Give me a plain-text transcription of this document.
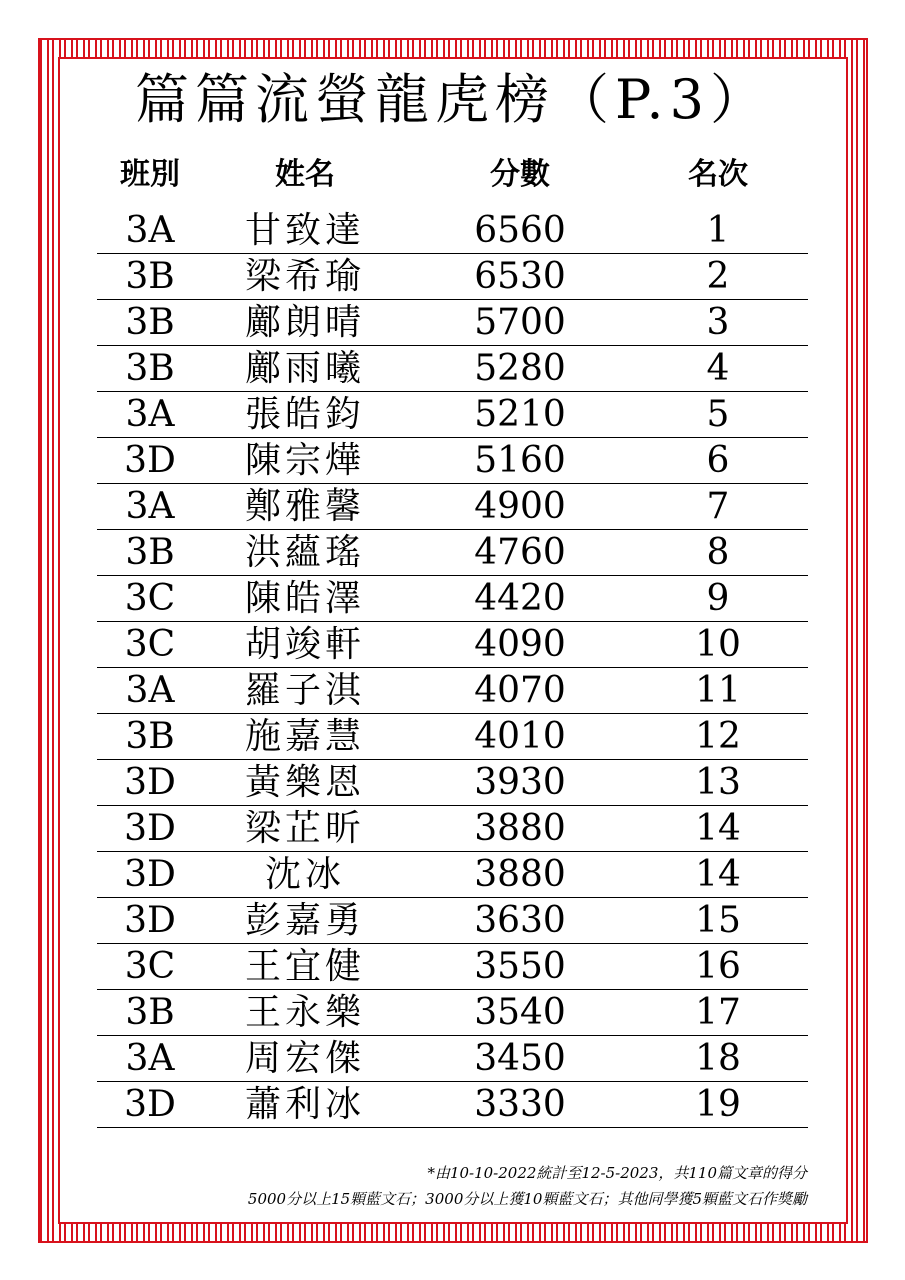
篇篇流螢龍虎榜（P.3）
班別	姓名	分數	名次
3A	甘致達	6560	1
3B	梁希瑜	6530	2
3B	鄺朗晴	5700	3
3B	鄺雨曦	5280	4
3A	張皓鈞	5210	5
3D	陳宗燁	5160	6
3A	鄭雅馨	4900	7
3B	洪蘊瑤	4760	8
3C	陳皓澤	4420	9
3C	胡竣軒	4090	10
3A	羅子淇	4070	11
3B	施嘉慧	4010	12
3D	黃樂恩	3930	13
3D	梁芷昕	3880	14
3D	沈冰	3880	14
3D	彭嘉勇	3630	15
3C	王宜健	3550	16
3B	王永樂	3540	17
3A	周宏傑	3450	18
3D	蕭利冰	3330	19
*由10-10-2022統計至12-5-2023，共110篇文章的得分
5000分以上15顆藍文石；3000分以上獲10顆藍文石；其他同學獲5顆藍文石作獎勵
